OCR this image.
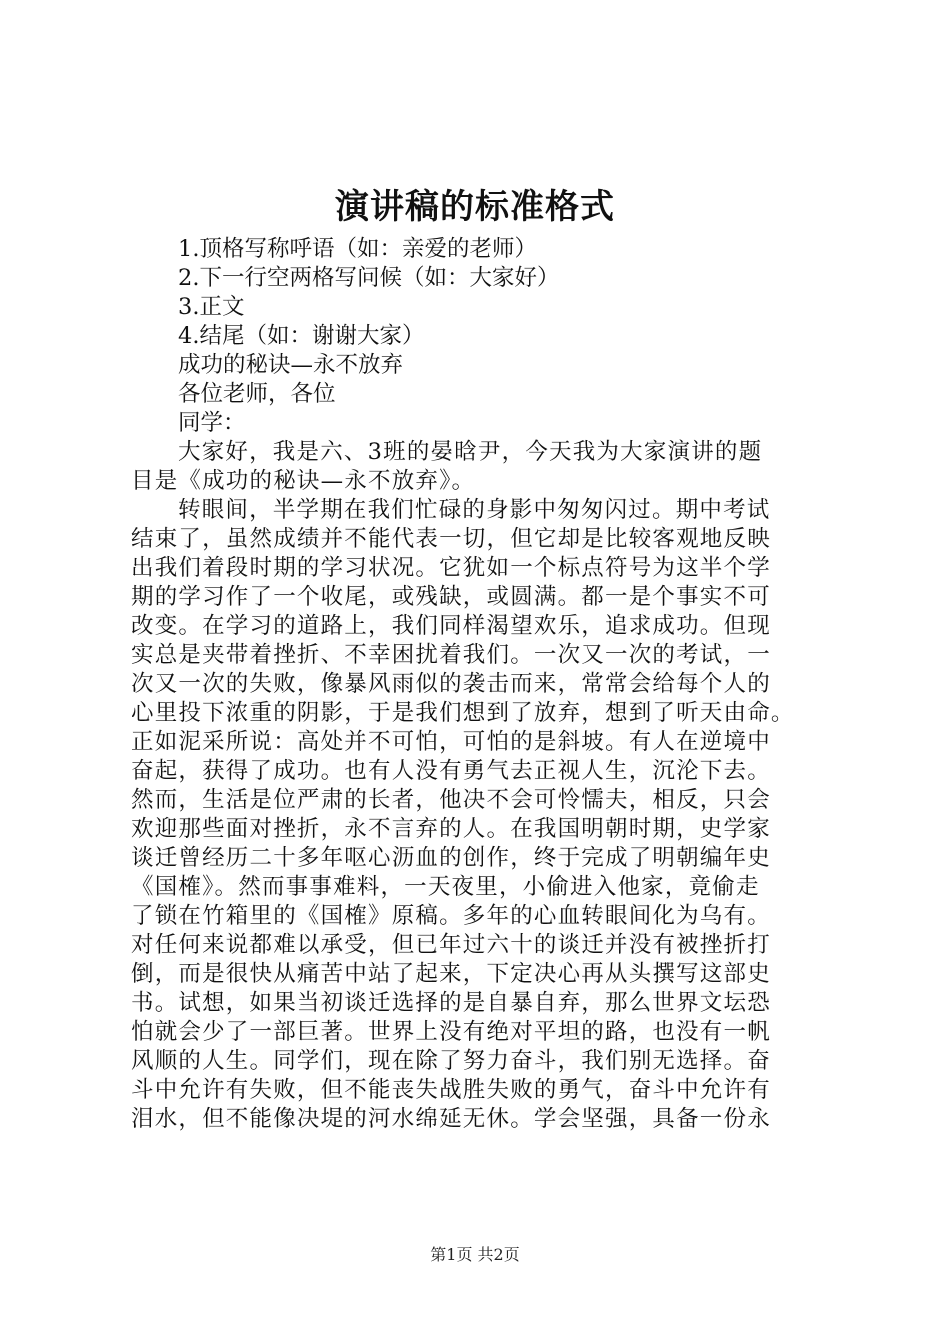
演讲稿的标准格式

1.顶格写称呼语（如：亲爱的老师）

2.下一行空两格写问候（如：大家好）

3.正文

4.结尾（如：谢谢大家）

成功的秘诀—永不放弃

各位老师，各位

同学：

大家好，我是六、3班的晏晗尹，今天我为大家演讲的题

目是《成功的秘诀—永不放弃》。

转眼间，半学期在我们忙碌的身影中匆匆闪过。期中考试

结束了，虽然成绩并不能代表一切，但它却是比较客观地反映

出我们着段时期的学习状况。它犹如一个标点符号为这半个学

期的学习作了一个收尾，或残缺，或圆满。都一是个事实不可

改变。在学习的道路上，我们同样渴望欢乐，追求成功。但现

实总是夹带着挫折、不幸困扰着我们。一次又一次的考试，一

次又一次的失败，像暴风雨似的袭击而来，常常会给每个人的

心里投下浓重的阴影，于是我们想到了放弃，想到了听天由命。

正如泥采所说：高处并不可怕，可怕的是斜坡。有人在逆境中

奋起，获得了成功。也有人没有勇气去正视人生，沉沦下去。

然而，生活是位严肃的长者，他决不会可怜懦夫，相反，只会

欢迎那些面对挫折，永不言弃的人。在我国明朝时期，史学家

谈迁曾经历二十多年呕心沥血的创作，终于完成了明朝编年史

《国榷》。然而事事难料，一天夜里，小偷进入他家，竟偷走

了锁在竹箱里的《国榷》原稿。多年的心血转眼间化为乌有。

对任何来说都难以承受，但已年过六十的谈迁并没有被挫折打

倒，而是很快从痛苦中站了起来，下定决心再从头撰写这部史

书。试想，如果当初谈迁选择的是自暴自弃，那么世界文坛恐

怕就会少了一部巨著。世界上没有绝对平坦的路，也没有一帆

风顺的人生。同学们，现在除了努力奋斗，我们别无选择。奋

斗中允许有失败，但不能丧失战胜失败的勇气，奋斗中允许有

泪水，但不能像决堤的河水绵延无休。学会坚强，具备一份永

第1页 共2页
